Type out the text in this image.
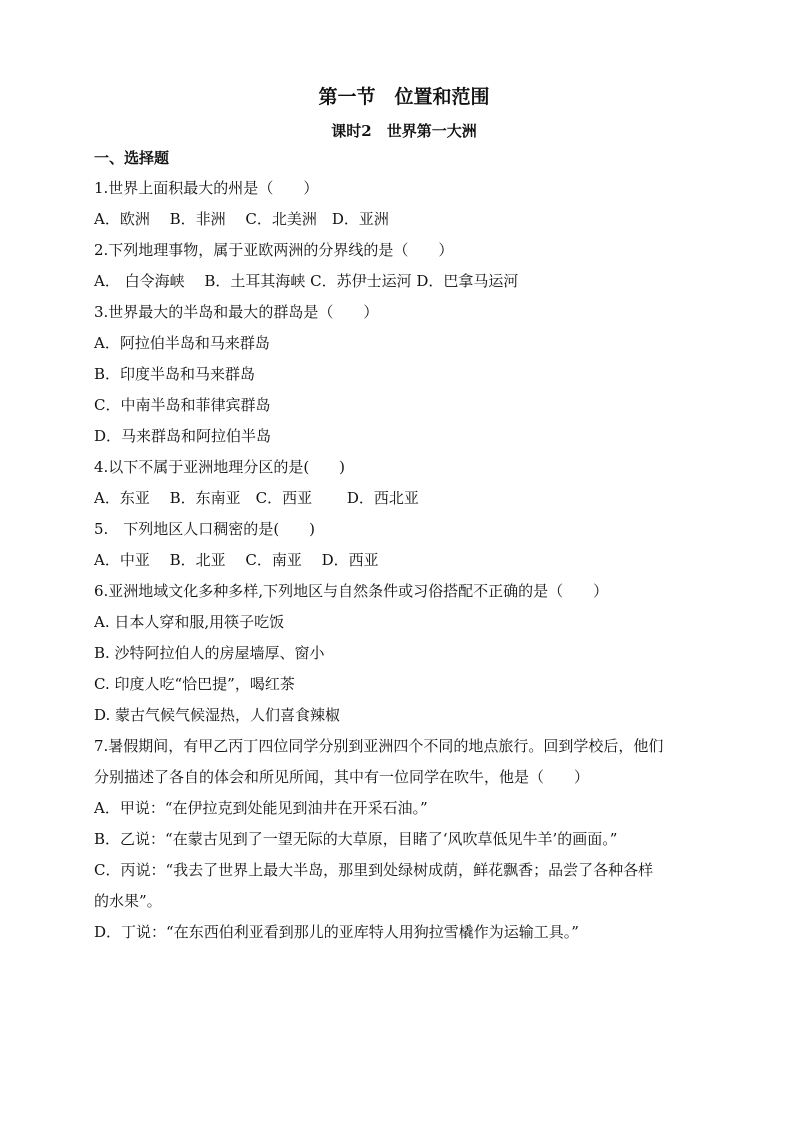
第一节　位置和范围
课时2　世界第一大洲
一、选择题
1.世界上面积最大的州是（　　）
A．欧洲　 B．非洲　 C．北美洲　D．亚洲
2.下列地理事物，属于亚欧两洲的分界线的是（　　）
A． 白令海峡　 B．土耳其海峡 C．苏伊士运河 D．巴拿马运河
3.世界最大的半岛和最大的群岛是（　　）
A．阿拉伯半岛和马来群岛
B．印度半岛和马来群岛
C．中南半岛和菲律宾群岛
D．马来群岛和阿拉伯半岛
4.以下不属于亚洲地理分区的是(　　)
A．东亚　 B．东南亚　C．西亚　　 D．西北亚
5.　下列地区人口稠密的是(　　)
A．中亚　 B．北亚　 C．南亚　 D．西亚
6.亚洲地域文化多种多样,下列地区与自然条件或习俗搭配不正确的是（　　）
A. 日本人穿和服,用筷子吃饭
B. 沙特阿拉伯人的房屋墙厚、窗小
C. 印度人吃“恰巴提”，喝红茶
D. 蒙古气候气候湿热，人们喜食辣椒
7.暑假期间，有甲乙丙丁四位同学分别到亚洲四个不同的地点旅行。回到学校后，他们
分别描述了各自的体会和所见所闻，其中有一位同学在吹牛，他是（　　）
A．甲说：“在伊拉克到处能见到油井在开采石油。”
B．乙说：“在蒙古见到了一望无际的大草原，目睹了‘风吹草低见牛羊’的画面。”
C．丙说：“我去了世界上最大半岛，那里到处绿树成荫，鲜花飘香；品尝了各种各样
的水果”。
D．丁说：“在东西伯利亚看到那儿的亚库特人用狗拉雪橇作为运输工具。”
